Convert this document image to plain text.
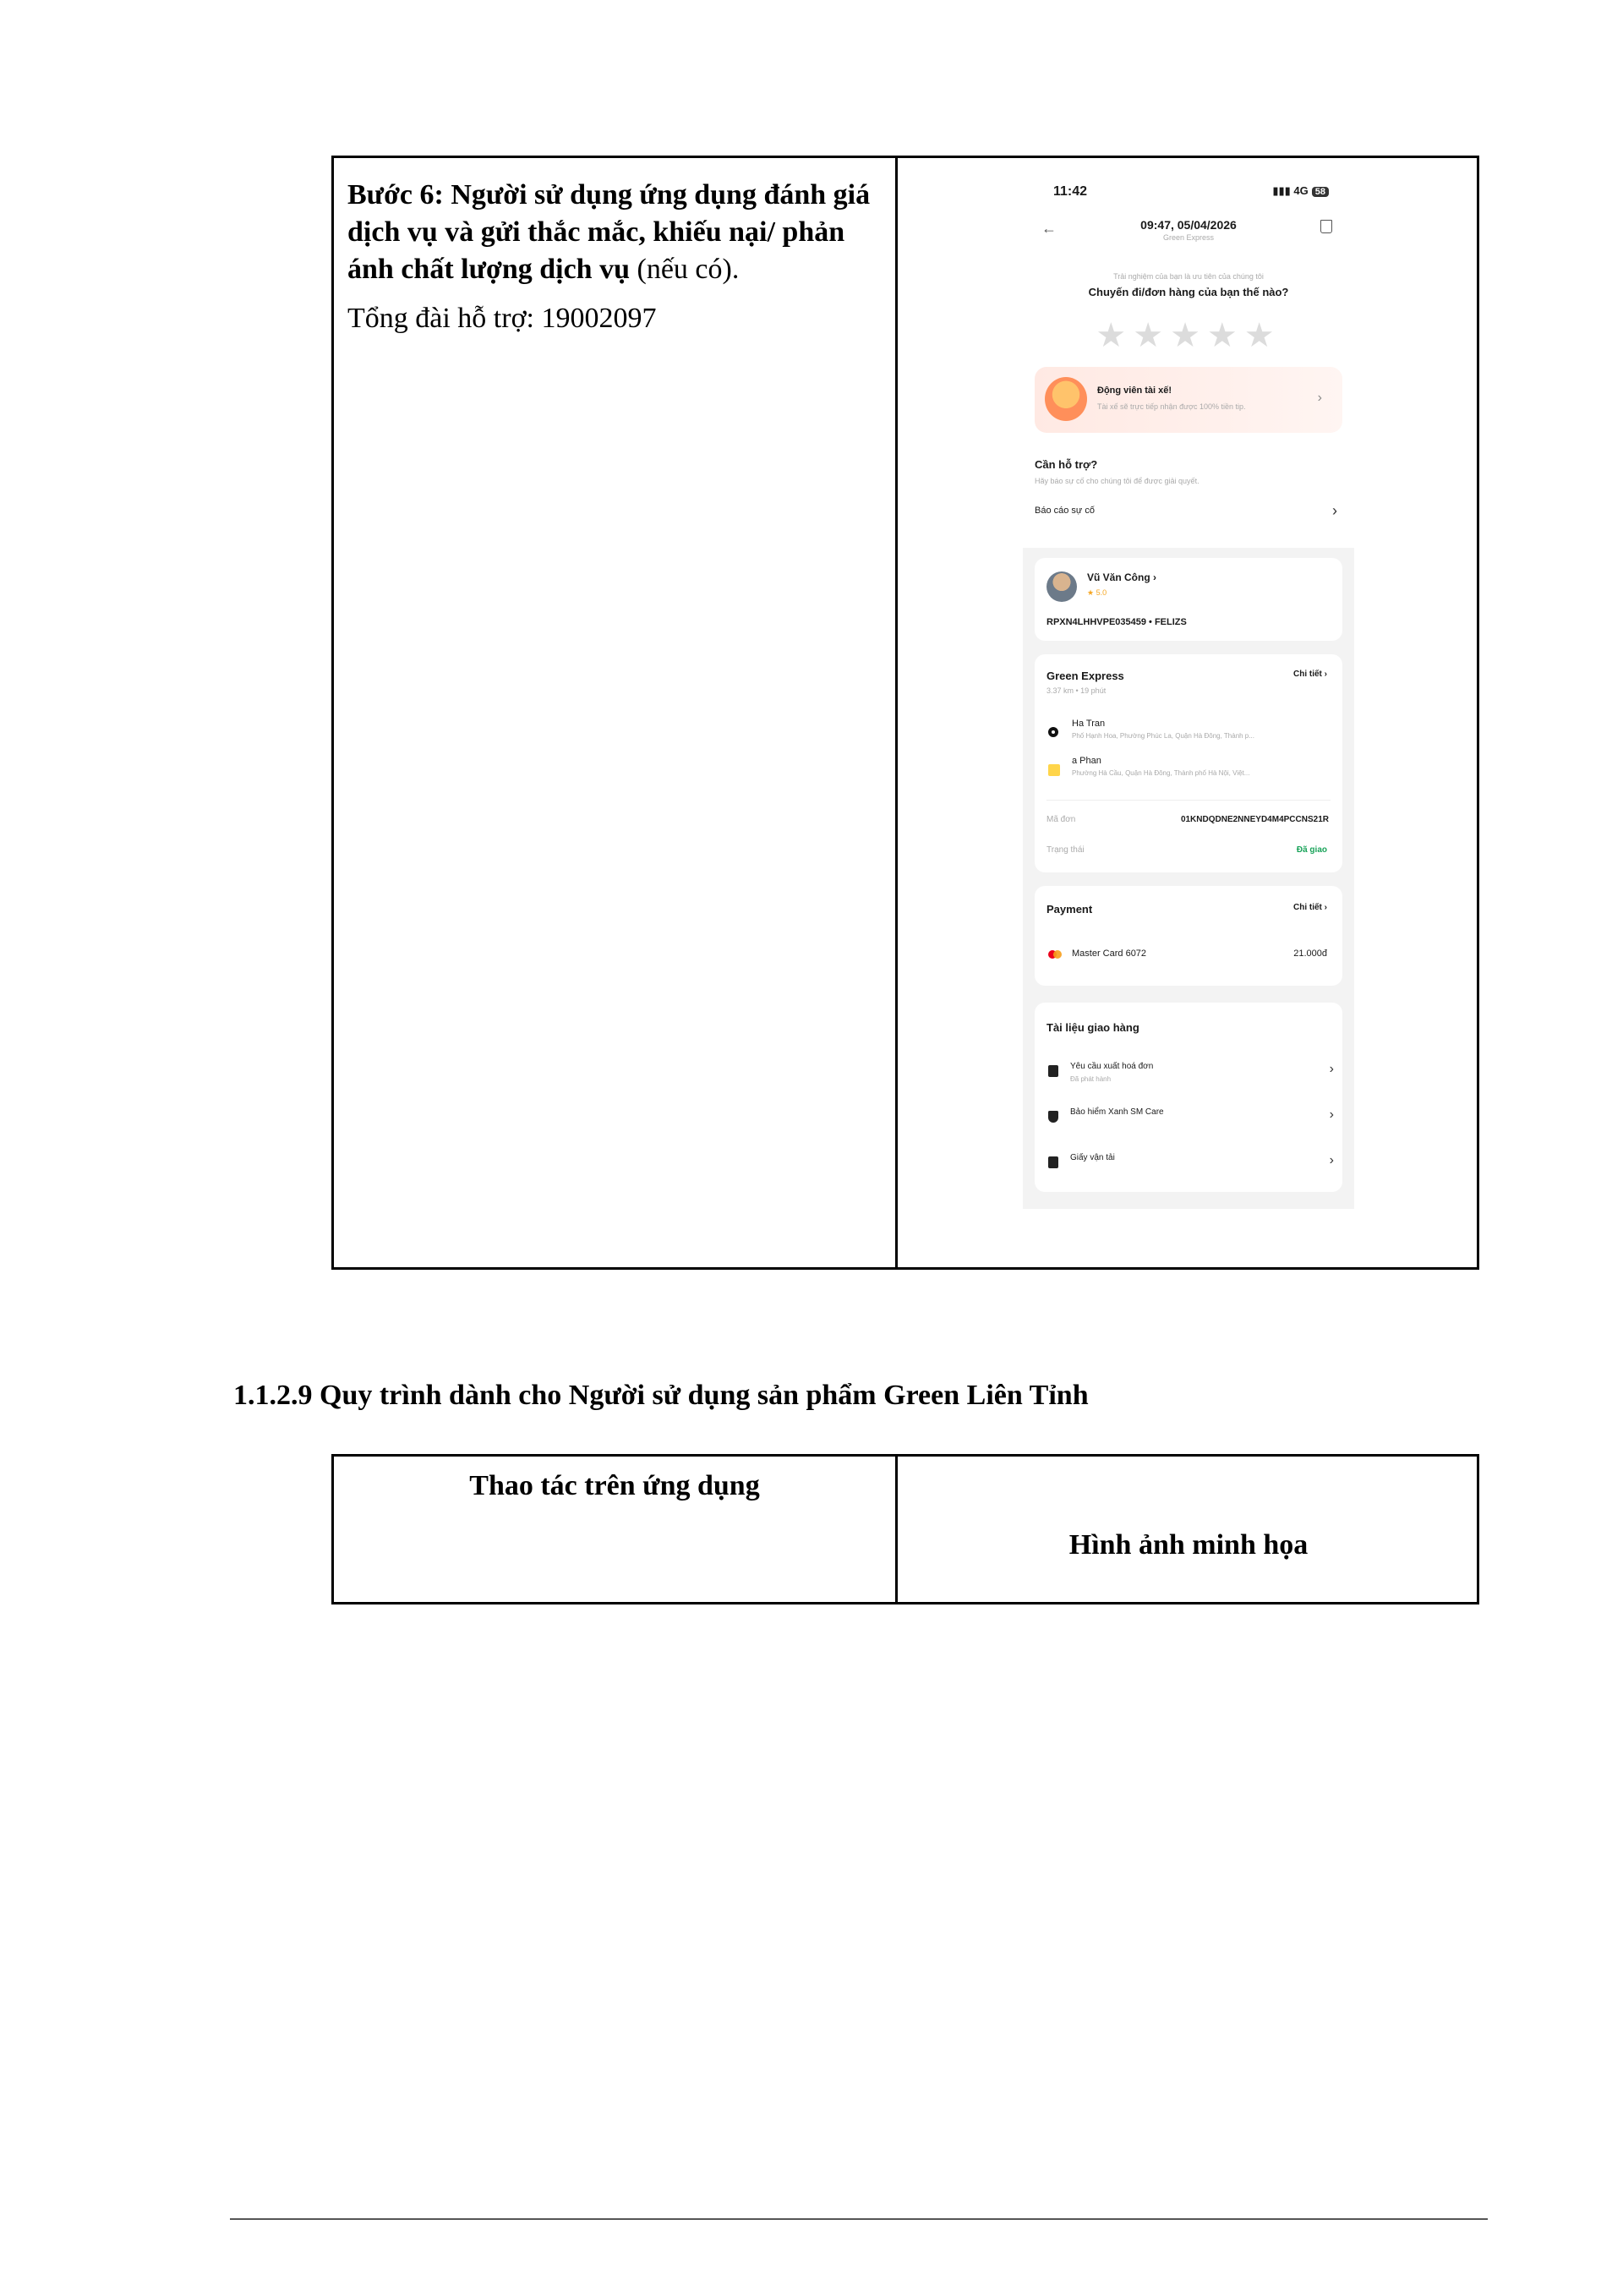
Bước 6: Người sử dụng ứng dụng đánh giá dịch vụ và gửi thắc mắc, khiếu nại/ phản ánh chất lượng dịch vụ (nếu có).
Tổng đài hỗ trợ: 19002097
11:42	▮▮▮ 4G 58
←	09:47, 05/04/2026
Green Express
Trải nghiệm của bạn là ưu tiên của chúng tôi
Chuyến đi/đơn hàng của bạn thế nào?
★★★★★
Động viên tài xế!
Tài xế sẽ trực tiếp nhận được 100% tiền tip.
›
Cần hỗ trợ?
Hãy báo sự cố cho chúng tôi để được giải quyết.
Báo cáo sự cố	›
Vũ Văn Công ›
★ 5.0
RPXN4LHHVPE035459 • FELIZS
Green Express	Chi tiết ›
3.37 km • 19 phút
Ha Tran
Phố Hạnh Hoa, Phường Phúc La, Quận Hà Đông, Thành p...
a Phan
Phường Hà Cầu, Quận Hà Đông, Thành phố Hà Nội, Việt...
Mã đơn	01KNDQDNE2NNEYD4M4PCCNS21R
Trạng thái	Đã giao
Payment	Chi tiết ›
Master Card 6072	21.000đ
Tài liệu giao hàng
Yêu cầu xuất hoá đơn
Đã phát hành
›
Bảo hiểm Xanh SM Care	›
Giấy vận tải	›
1.1.2.9 Quy trình dành cho Người sử dụng sản phẩm Green Liên Tỉnh
Thao tác trên ứng dụng
Hình ảnh minh họa
